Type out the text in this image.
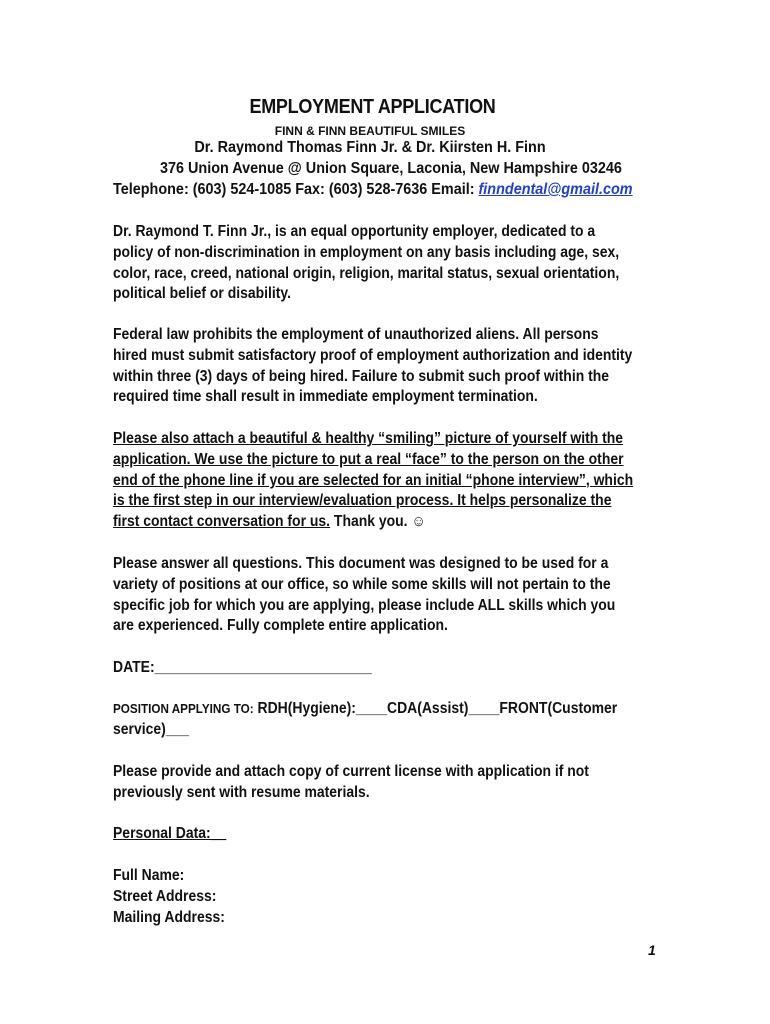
EMPLOYMENT APPLICATION
FINN & FINN BEAUTIFUL SMILES
Dr. Raymond Thomas Finn Jr. & Dr. Kiirsten H. Finn
376 Union Avenue @ Union Square, Laconia, New Hampshire 03246
Telephone: (603) 524-1085 Fax: (603) 528-7636 Email: finndental@gmail.com
Dr. Raymond T. Finn Jr., is an equal opportunity employer, dedicated to a
policy of non-discrimination in employment on any basis including age, sex,
color, race, creed, national origin, religion, marital status, sexual orientation,
political belief or disability.
Federal law prohibits the employment of unauthorized aliens. All persons
hired must submit satisfactory proof of employment authorization and identity
within three (3) days of being hired. Failure to submit such proof within the
required time shall result in immediate employment termination.
Please also attach a beautiful & healthy “smiling” picture of yourself with the
application. We use the picture to put a real “face” to the person on the other
end of the phone line if you are selected for an initial “phone interview”, which
is the first step in our interview/evaluation process. It helps personalize the
first contact conversation for us. Thank you. ☺
Please answer all questions. This document was designed to be used for a
variety of positions at our office, so while some skills will not pertain to the
specific job for which you are applying, please include ALL skills which you
are experienced. Fully complete entire application.
DATE:____________________________
POSITION APPLYING TO: RDH(Hygiene):____CDA(Assist)____FRONT(Customer
service)___
Please provide and attach copy of current license with application if not
previously sent with resume materials.
Personal Data:__
Full Name:
Street Address:
Mailing Address:
1
